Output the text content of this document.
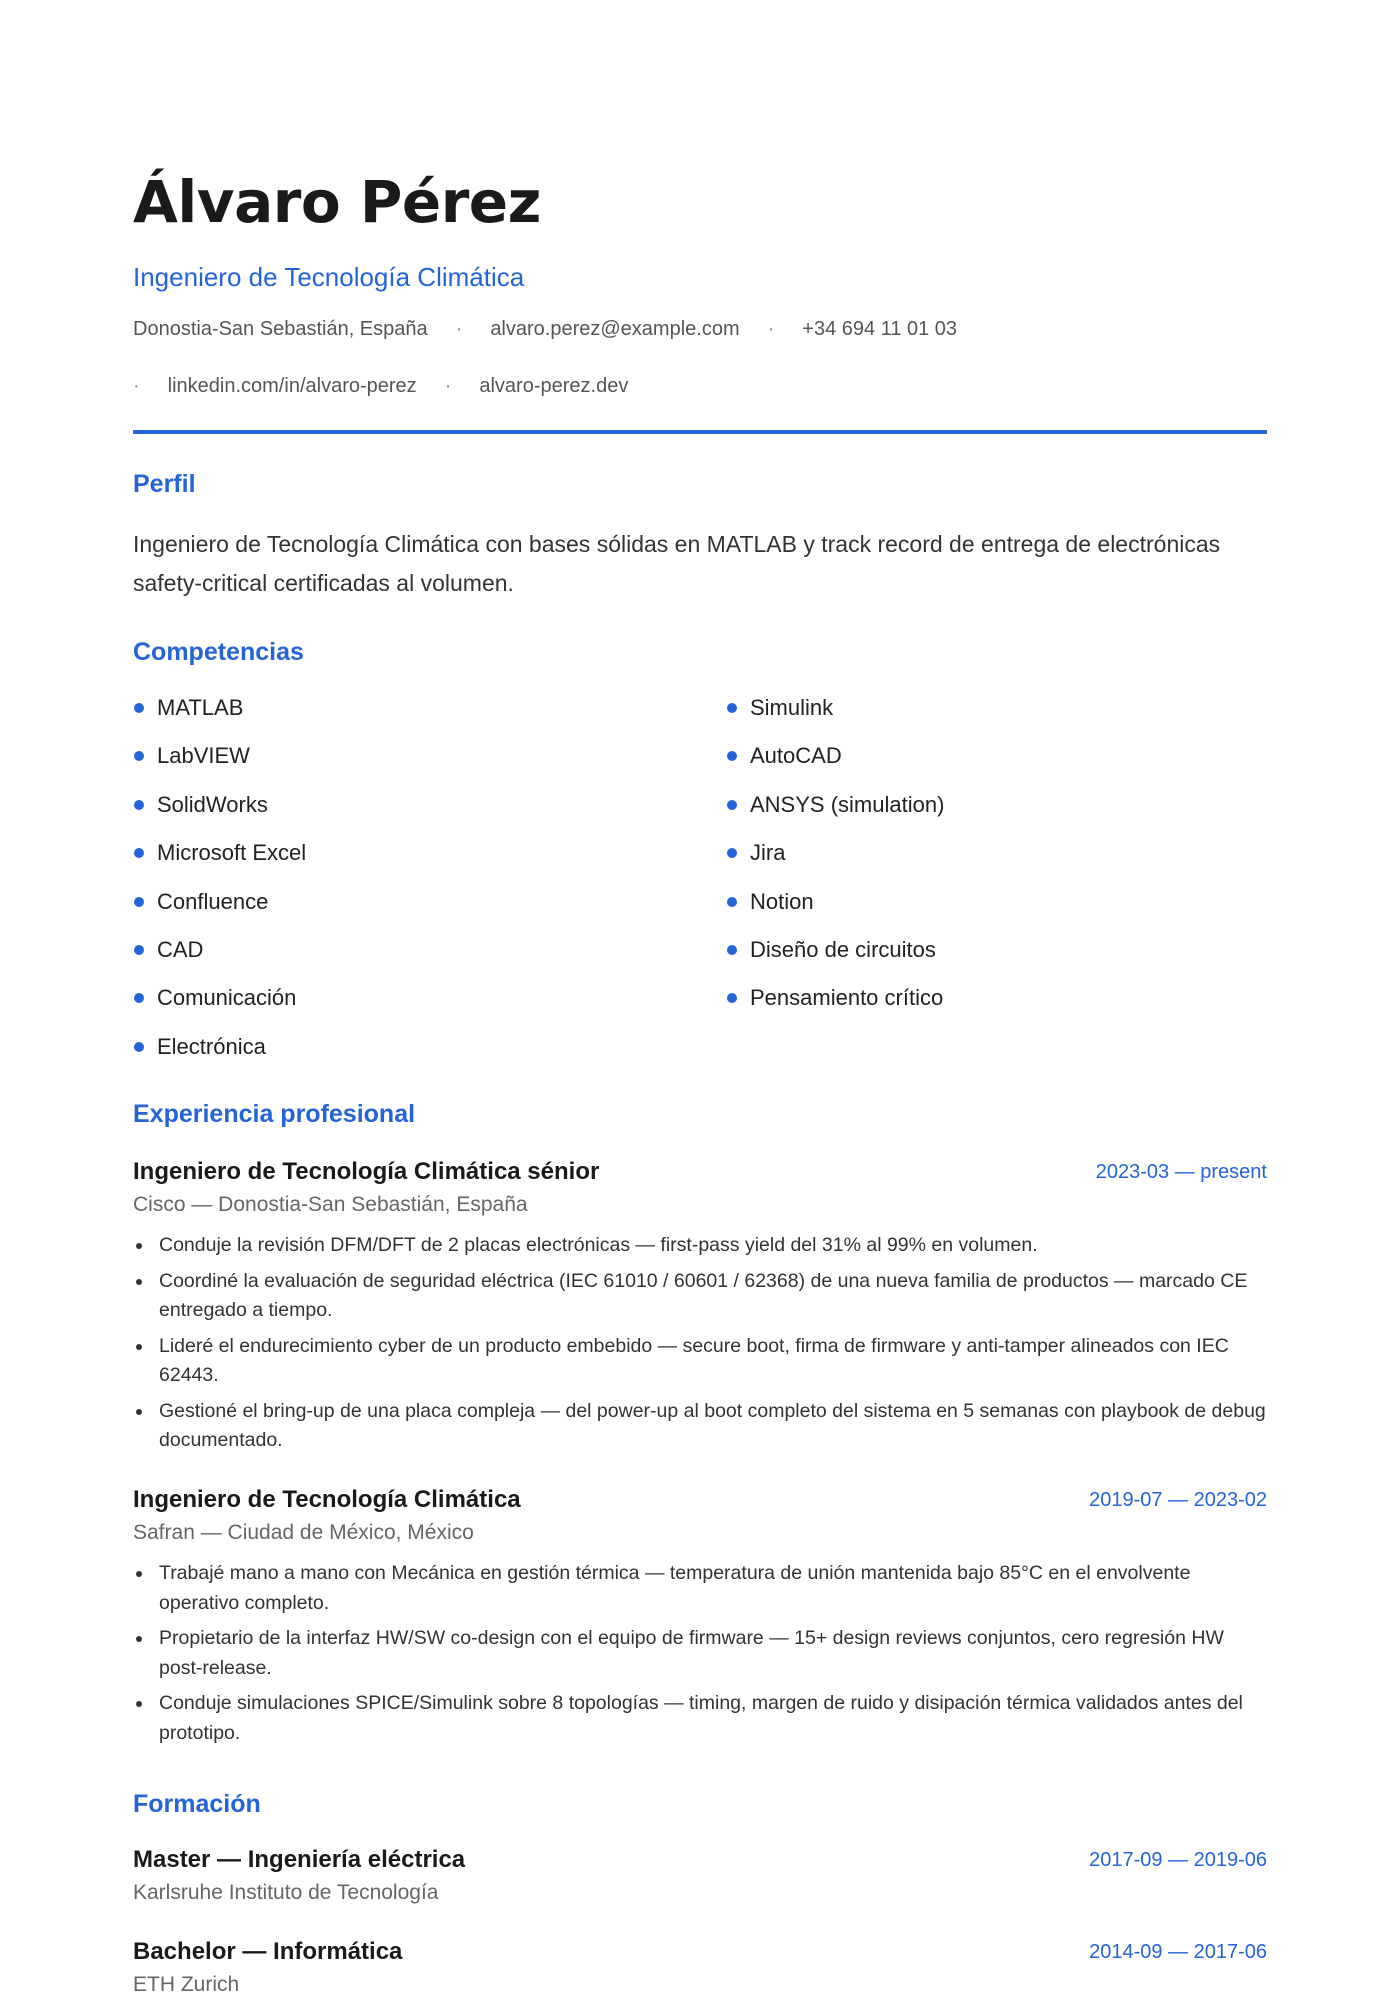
Álvaro Pérez
Ingeniero de Tecnología Climática
Donostia-San Sebastián, España · alvaro.perez@example.com · +34 694 11 01 03
· linkedin.com/in/alvaro-perez · alvaro-perez.dev
Perfil
Ingeniero de Tecnología Climática con bases sólidas en MATLAB y track record de entrega de electrónicas safety-critical certificadas al volumen.
Competencias
MATLAB
LabVIEW
SolidWorks
Microsoft Excel
Confluence
CAD
Comunicación
Electrónica
Simulink
AutoCAD
ANSYS (simulation)
Jira
Notion
Diseño de circuitos
Pensamiento crítico
Experiencia profesional
Ingeniero de Tecnología Climática sénior	2023-03 — present
Cisco — Donostia-San Sebastián, España
Conduje la revisión DFM/DFT de 2 placas electrónicas — first-pass yield del 31% al 99% en volumen.
Coordiné la evaluación de seguridad eléctrica (IEC 61010 / 60601 / 62368) de una nueva familia de productos — marcado CE entregado a tiempo.
Lideré el endurecimiento cyber de un producto embebido — secure boot, firma de firmware y anti-tamper alineados con IEC 62443.
Gestioné el bring-up de una placa compleja — del power-up al boot completo del sistema en 5 semanas con playbook de debug documentado.
Ingeniero de Tecnología Climática	2019-07 — 2023-02
Safran — Ciudad de México, México
Trabajé mano a mano con Mecánica en gestión térmica — temperatura de unión mantenida bajo 85°C en el envolvente operativo completo.
Propietario de la interfaz HW/SW co-design con el equipo de firmware — 15+ design reviews conjuntos, cero regresión HW post-release.
Conduje simulaciones SPICE/Simulink sobre 8 topologías — timing, margen de ruido y disipación térmica validados antes del prototipo.
Formación
Master — Ingeniería eléctrica	2017-09 — 2019-06
Karlsruhe Instituto de Tecnología
Bachelor — Informática	2014-09 — 2017-06
ETH Zurich
